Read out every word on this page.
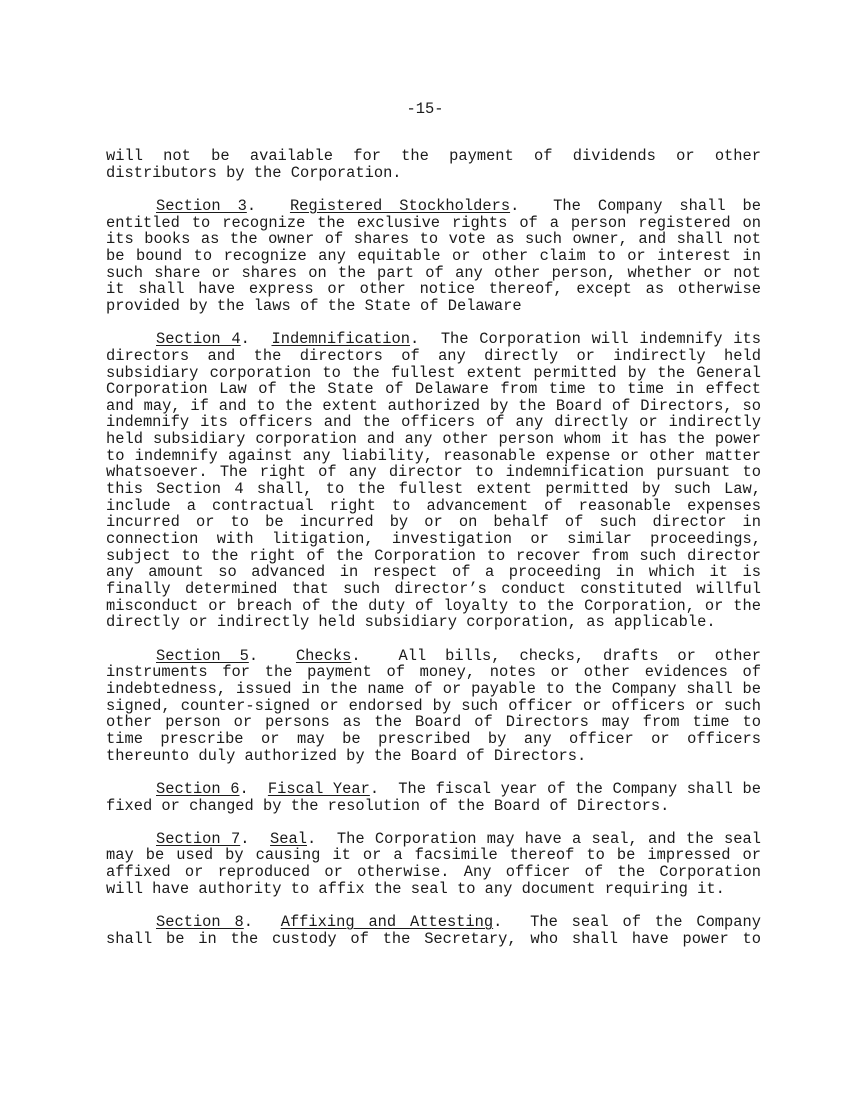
-15-

will not be available for the payment of dividends or other distributors by the Corporation.

Section 3.  Registered Stockholders.  The Company shall be entitled to recognize the exclusive rights of a person registered on its books as the owner of shares to vote as such owner, and shall not be bound to recognize any equitable or other claim to or interest in such share or shares on the part of any other person, whether or not it shall have express or other notice thereof, except as otherwise provided by the laws of the State of Delaware

Section 4.  Indemnification.  The Corporation will indemnify its directors and the directors of any directly or indirectly held subsidiary corporation to the fullest extent permitted by the General Corporation Law of the State of Delaware from time to time in effect and may, if and to the extent authorized by the Board of Directors, so indemnify its officers and the officers of any directly or indirectly held subsidiary corporation and any other person whom it has the power to indemnify against any liability, reasonable expense or other matter whatsoever. The right of any director to indemnification pursuant to this Section 4 shall, to the fullest extent permitted by such Law, include a contractual right to advancement of reasonable expenses incurred or to be incurred by or on behalf of such director in connection with litigation, investigation or similar proceedings, subject to the right of the Corporation to recover from such director any amount so advanced in respect of a proceeding in which it is finally determined that such director’s conduct constituted willful misconduct or breach of the duty of loyalty to the Corporation, or the directly or indirectly held subsidiary corporation, as applicable.

Section 5.  Checks.  All bills, checks, drafts or other instruments for the payment of money, notes or other evidences of indebtedness, issued in the name of or payable to the Company shall be signed, counter-signed or endorsed by such officer or officers or such other person or persons as the Board of Directors may from time to time prescribe or may be prescribed by any officer or officers thereunto duly authorized by the Board of Directors.

Section 6.  Fiscal Year.  The fiscal year of the Company shall be fixed or changed by the resolution of the Board of Directors.

Section 7.  Seal.  The Corporation may have a seal, and the seal may be used by causing it or a facsimile thereof to be impressed or affixed or reproduced or otherwise. Any officer of the Corporation will have authority to affix the seal to any document requiring it.

Section 8.  Affixing and Attesting.  The seal of the Company shall be in the custody of the Secretary, who shall have power to
